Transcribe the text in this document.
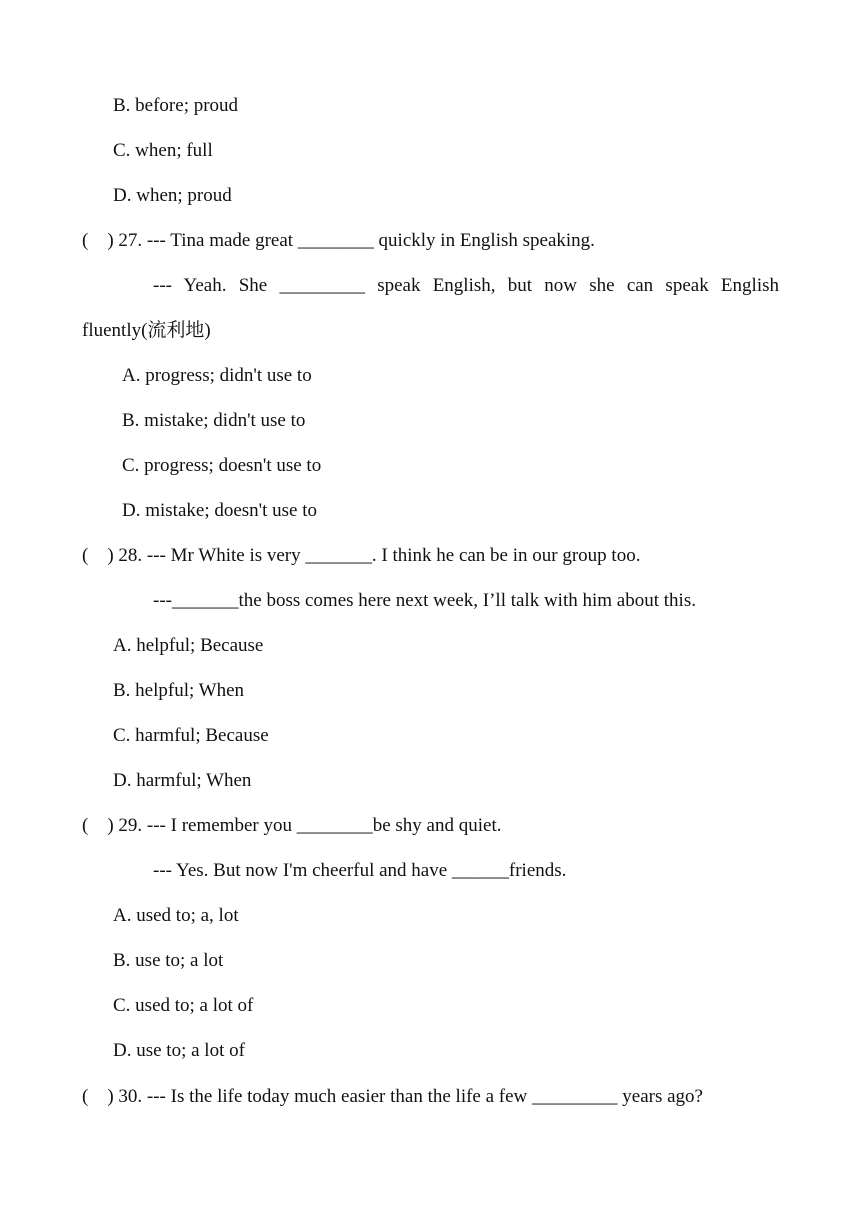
B. before; proud
C. when; full
D. when; proud
(    ) 27. --- Tina made great ________ quickly in English speaking.
--- Yeah. She _________ speak English, but now she can speak English
fluently(流利地)
A. progress; didn't use to
B. mistake; didn't use to
C. progress; doesn't use to
D. mistake; doesn't use to
(    ) 28. --- Mr White is very _______. I think he can be in our group too.
---_______the boss comes here next week, I’ll talk with him about this.
A. helpful; Because
B. helpful; When
C. harmful; Because
D. harmful; When
(    ) 29. --- I remember you ________be shy and quiet.
--- Yes. But now I'm cheerful and have ______friends.
A. used to; a, lot
B. use to; a lot
C. used to; a lot of
D. use to; a lot of
(    ) 30. --- Is the life today much easier than the life a few _________ years ago?
